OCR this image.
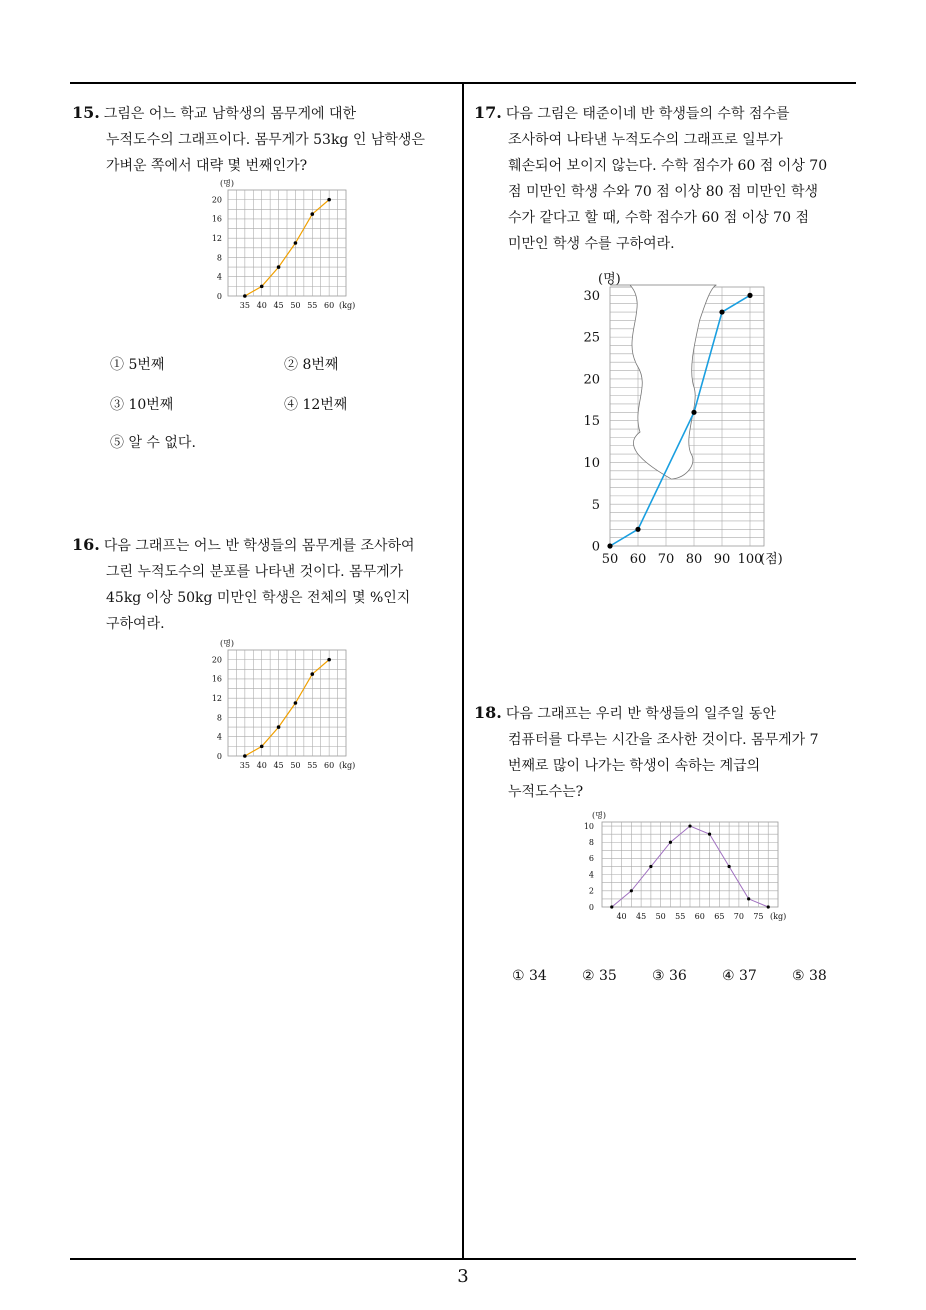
15. 그림은 어느 학교 남학생의 몸무게에 대한
누적도수의 그래프이다. 몸무게가 53kg 인 남학생은
가벼운 쪽에서 대략 몇 번째인가?
0
4
8
12
16
20
35 40 45 50 55 60
(명)
(kg)
① 5번째	② 8번째
③ 10번째	④ 12번째
⑤ 알 수 없다.
16. 다음 그래프는 어느 반 학생들의 몸무게를 조사하여
그린 누적도수의 분포를 나타낸 것이다. 몸무게가
45kg 이상 50kg 미만인 학생은 전체의 몇 %인지
구하여라.
0
4
8
12
16
20
35 40 45 50 55 60
(명)
(kg)
17. 다음 그림은 태준이네 반 학생들의 수학 점수를
조사하여 나타낸 누적도수의 그래프로 일부가
훼손되어 보이지 않는다. 수학 점수가 60 점 이상 70
점 미만인 학생 수와 70 점 이상 80 점 미만인 학생
수가 같다고 할 때, 수학 점수가 60 점 이상 70 점
미만인 학생 수를 구하여라.
0
5
10
15
20
25
30
50 60 70 80 90 100
(명)
(점)
18. 다음 그래프는 우리 반 학생들의 일주일 동안
컴퓨터를 다루는 시간을 조사한 것이다. 몸무게가 7
번째로 많이 나가는 학생이 속하는 계급의
누적도수는?
0
2
4
6
8
10
40 45 50 55 60 65 70 75
(명)
(kg)
① 34	② 35	③ 36	④ 37	⑤ 38
3
